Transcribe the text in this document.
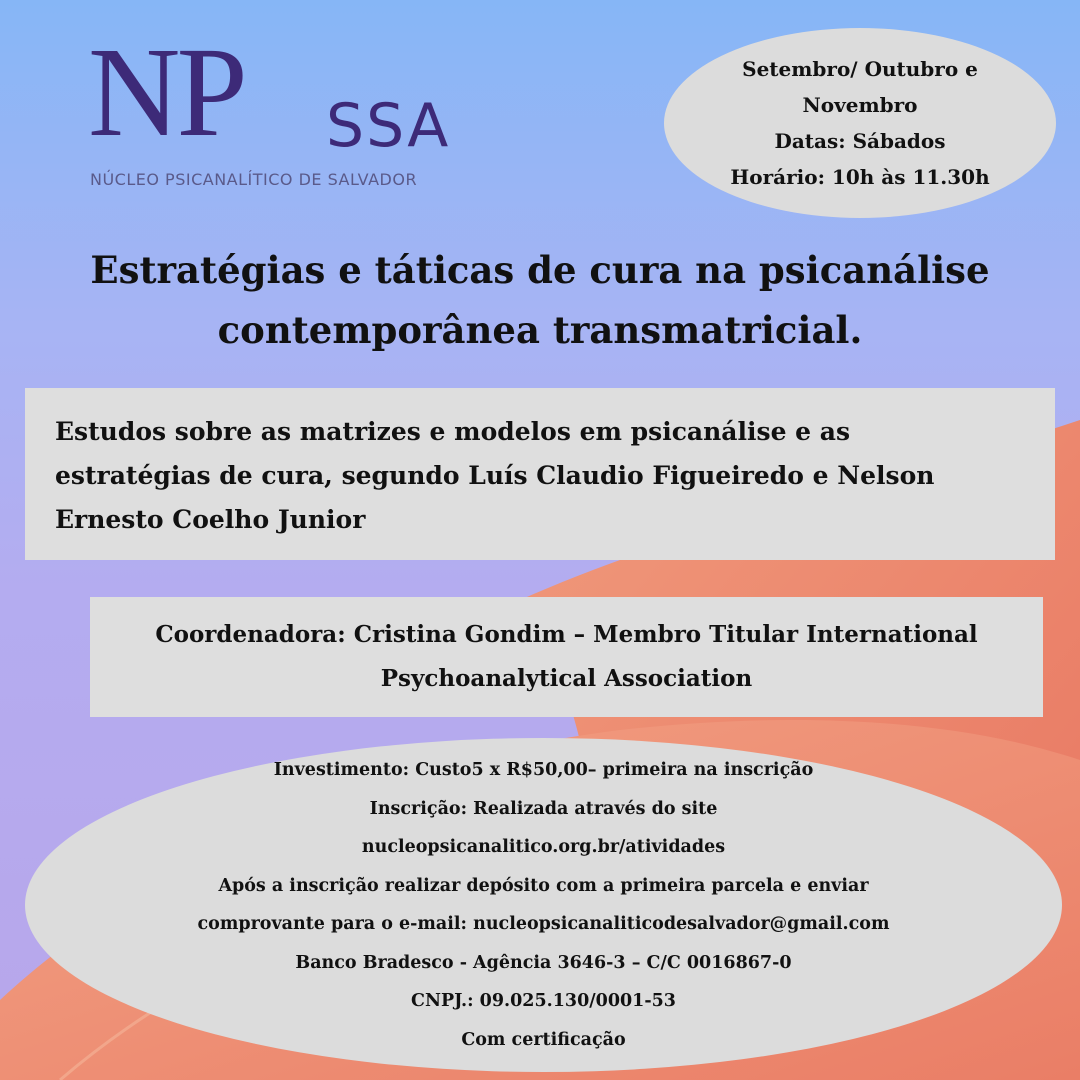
NP SSA
NÚCLEO PSICANALÍTICO DE SALVADOR
Setembro/ Outubro e
Novembro
Datas: Sábados
Horário: 10h às 11.30h
Estratégias e táticas de cura na psicanálise
contemporânea transmatricial.
Estudos sobre as matrizes e modelos em psicanálise e as
estratégias de cura, segundo Luís Claudio Figueiredo e Nelson
Ernesto Coelho Junior
Coordenadora: Cristina Gondim – Membro Titular International
Psychoanalytical Association
Investimento: Custo5 x R$50,00– primeira na inscrição
Inscrição: Realizada através do site
nucleopsicanalitico.org.br/atividades
Após a inscrição realizar depósito com a primeira parcela e enviar
comprovante para o e-mail: nucleopsicanaliticodesalvador@gmail.com
Banco Bradesco - Agência 3646-3 – C/C 0016867-0
CNPJ.: 09.025.130/0001-53
Com certificação
